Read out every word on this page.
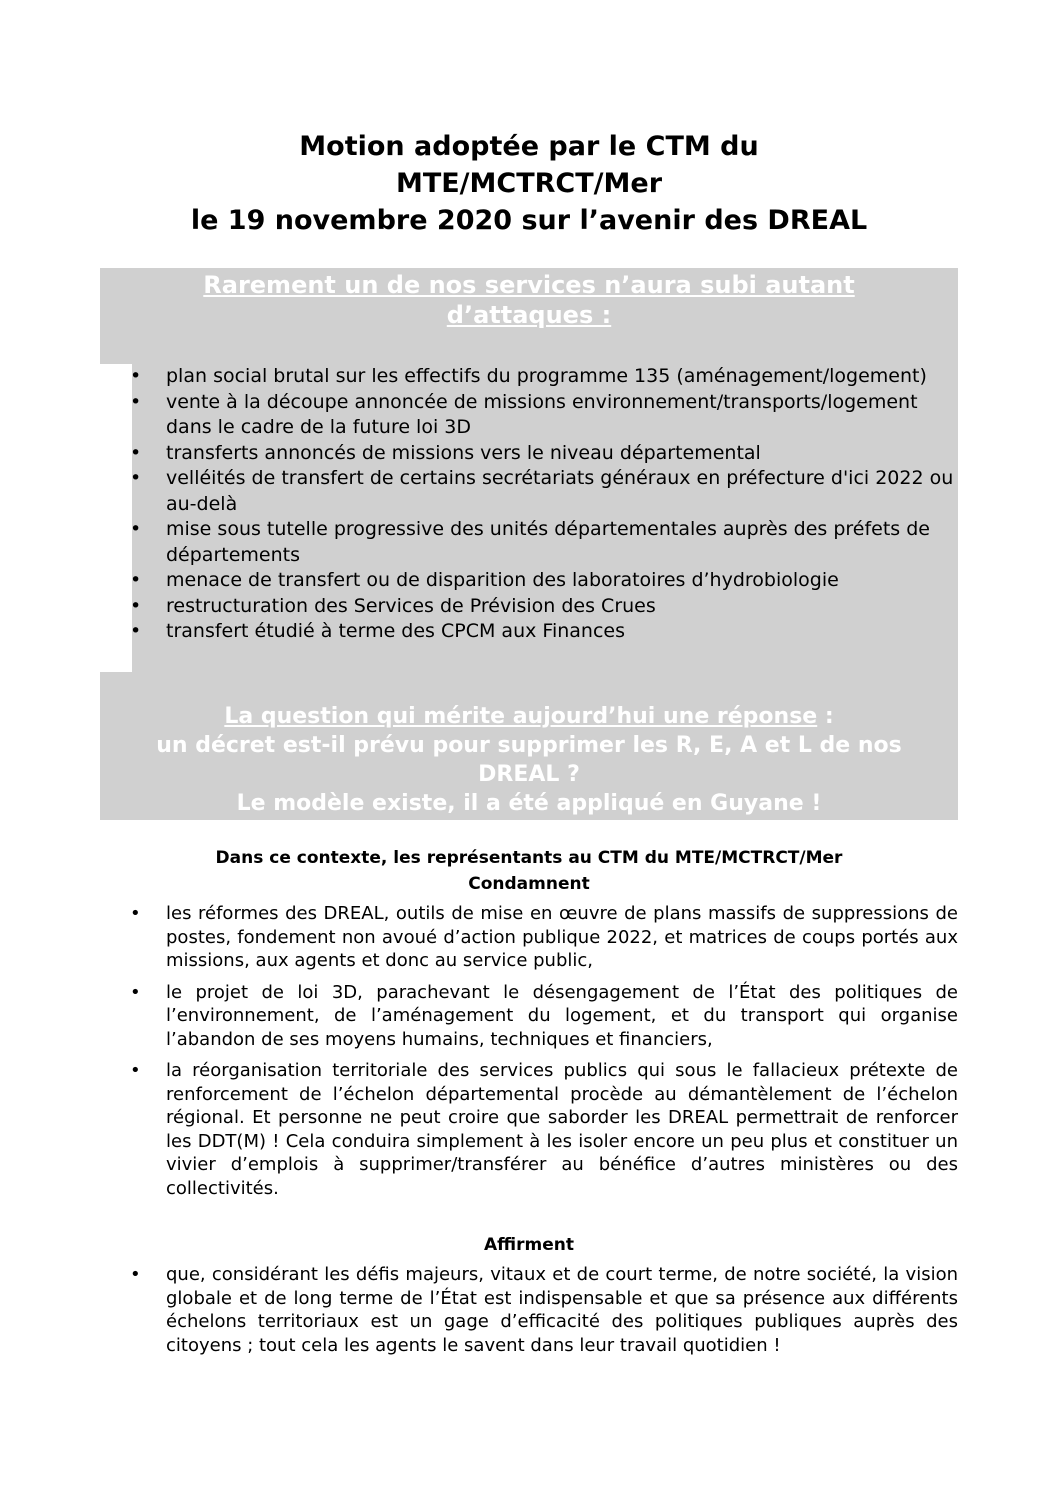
Motion adoptée par le CTM du
MTE/MCTRCT/Mer
le 19 novembre 2020 sur l’avenir des DREAL
Rarement un de nos services n’aura subi autant
d’attaques :
• plan social brutal sur les effectifs du programme 135 (aménagement/logement)
• vente à la découpe annoncée de missions environnement/transports/logement dans le cadre de la future loi 3D
• transferts annoncés de missions vers le niveau départemental
• velléités de transfert de certains secrétariats généraux en préfecture d'ici 2022 ou au-delà
• mise sous tutelle progressive des unités départementales auprès des préfets de départements
• menace de transfert ou de disparition des laboratoires d’hydrobiologie
• restructuration des Services de Prévision des Crues
• transfert étudié à terme des CPCM aux Finances
La question qui mérite aujourd’hui une réponse :
un décret est-il prévu pour supprimer les R, E, A et L de nos
DREAL ?
Le modèle existe, il a été appliqué en Guyane !
Dans ce contexte, les représentants au CTM du MTE/MCTRCT/Mer
Condamnent
• les réformes des DREAL, outils de mise en œuvre de plans massifs de suppressions de postes, fondement non avoué d’action publique 2022, et matrices de coups portés aux missions, aux agents et donc au service public,
• le projet de loi 3D, parachevant le désengagement de l’État des politiques de l’environnement, de l’aménagement du logement, et du transport qui organise l’abandon de ses moyens humains, techniques et financiers,
• la réorganisation territoriale des services publics qui sous le fallacieux prétexte de renforcement de l’échelon départemental procède au démantèlement de l’échelon régional. Et personne ne peut croire que saborder les DREAL permettrait de renforcer les DDT(M) ! Cela conduira simplement à les isoler encore un peu plus et constituer un vivier d’emplois à supprimer/transférer au bénéfice d’autres ministères ou des collectivités.
Affirment
• que, considérant les défis majeurs, vitaux et de court terme, de notre société, la vision globale et de long terme de l’État est indispensable et que sa présence aux différents échelons territoriaux est un gage d’efficacité des politiques publiques auprès des citoyens ; tout cela les agents le savent dans leur travail quotidien !
